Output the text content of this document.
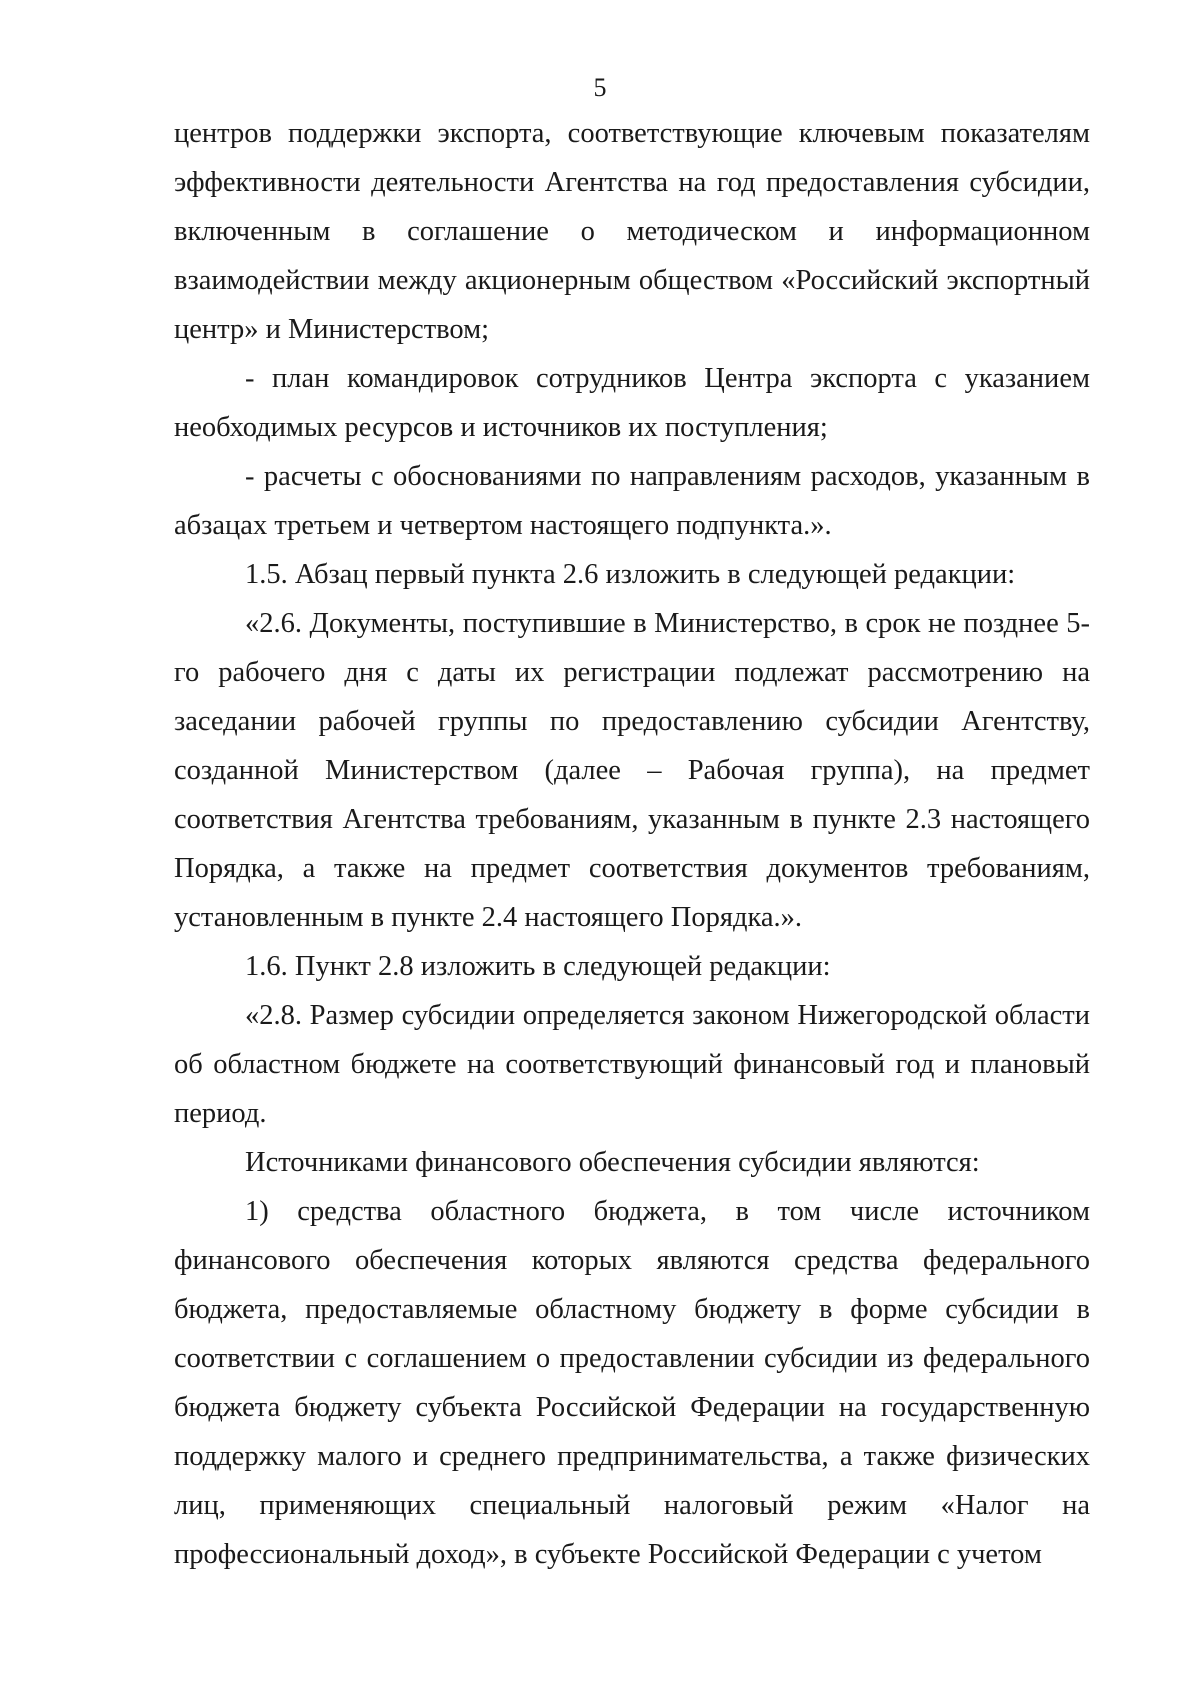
5

центров поддержки экспорта, соответствующие ключевым показателям эффективности деятельности Агентства на год предоставления субсидии, включенным в соглашение о методическом и информационном взаимодействии между акционерным обществом «Российский экспортный центр» и Министерством;

- план командировок сотрудников Центра экспорта с указанием необходимых ресурсов и источников их поступления;

- расчеты с обоснованиями по направлениям расходов, указанным в абзацах третьем и четвертом настоящего подпункта.».

1.5. Абзац первый пункта 2.6 изложить в следующей редакции:

«2.6. Документы, поступившие в Министерство, в срок не позднее 5-го рабочего дня с даты их регистрации подлежат рассмотрению на заседании рабочей группы по предоставлению субсидии Агентству, созданной Министерством (далее – Рабочая группа), на предмет соответствия Агентства требованиям, указанным в пункте 2.3 настоящего Порядка, а также на предмет соответствия документов требованиям, установленным в пункте 2.4 настоящего Порядка.».

1.6. Пункт 2.8 изложить в следующей редакции:

«2.8. Размер субсидии определяется законом Нижегородской области об областном бюджете на соответствующий финансовый год и плановый период.

Источниками финансового обеспечения субсидии являются:

1) средства областного бюджета, в том числе источником финансового обеспечения которых являются средства федерального бюджета, предоставляемые областному бюджету в форме субсидии в соответствии с соглашением о предоставлении субсидии из федерального бюджета бюджету субъекта Российской Федерации на государственную поддержку малого и среднего предпринимательства, а также физических лиц, применяющих специальный налоговый режим «Налог на профессиональный доход», в субъекте Российской Федерации с учетом
